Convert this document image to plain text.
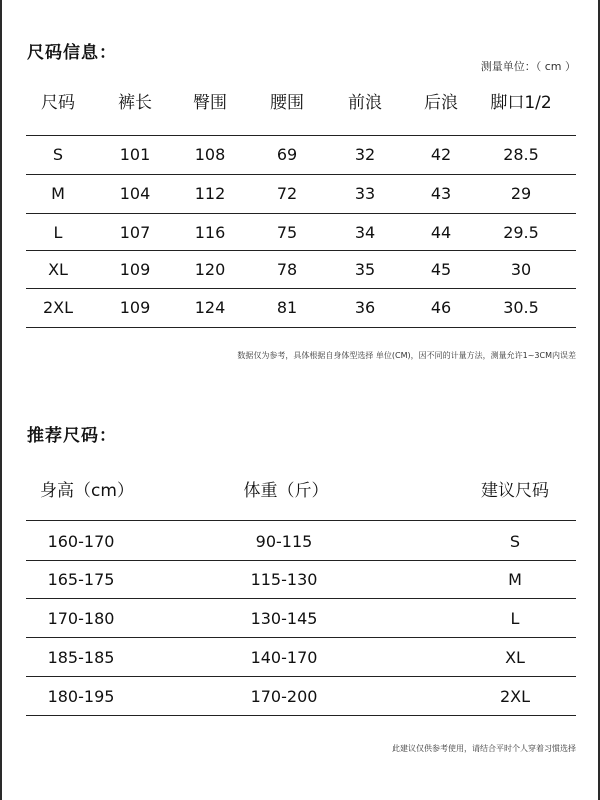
尺码信息：
测量单位：（ cm ）
尺码	裤长 臀围	腰围	前浪 后浪 脚口1/2
S	101	108	69	32	42	28.5
M	104	112	72	33	43	29
L	107	116	75	34	44	29.5
XL	109	120	78	35	45	30
2XL	109	124	81	36	46	30.5
数据仅为参考，具体根据自身体型选择 单位(CM)，因不同的计量方法，测量允许1~3CM内误差
推荐尺码：
身高（cm）	体重（斤）	建议尺码
160-170	90-115	S
165-175	115-130	M
170-180	130-145	L
185-185	140-170	XL
180-195	170-200	2XL
此建议仅供参考使用，请结合平时个人穿着习惯选择
